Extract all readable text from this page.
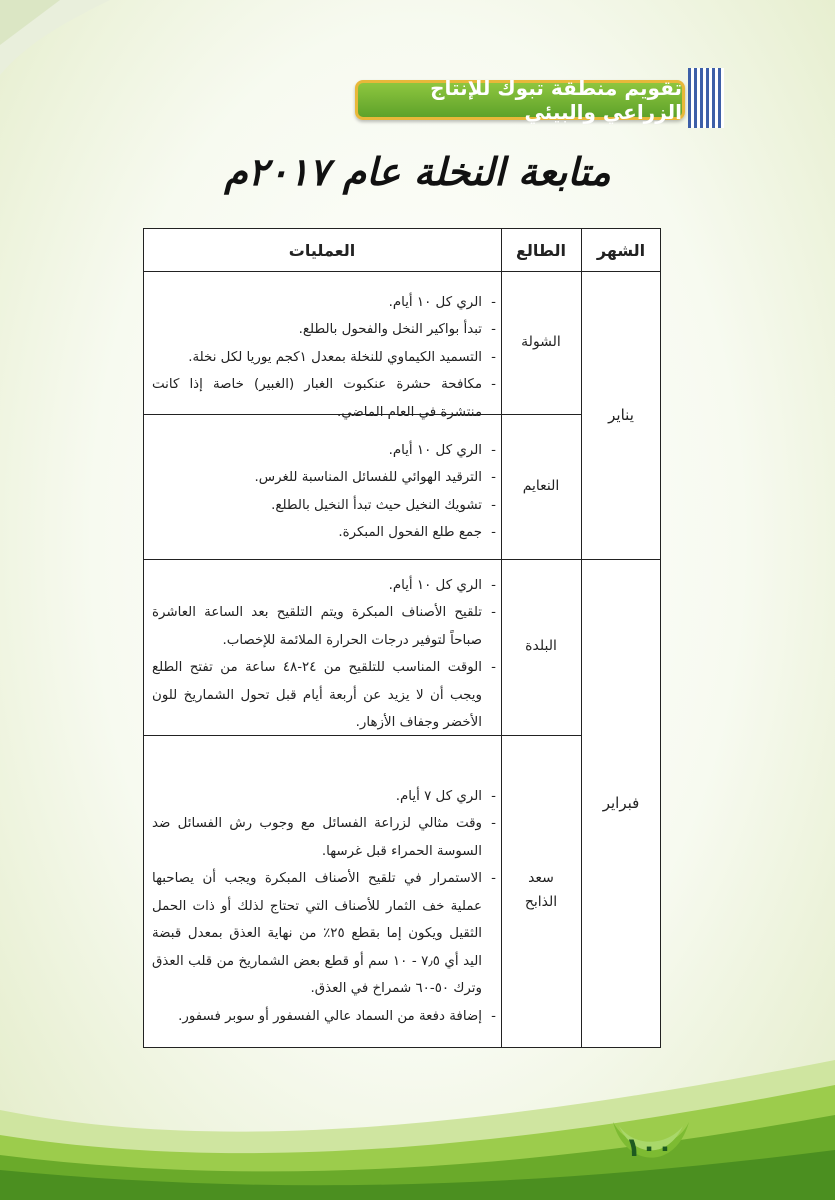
تقويم منطقة تبوك للإنتاج الزراعي والبيئي
متابعة النخلة عام ٢٠١٧م
الشهر
الطالع
العمليات
يناير
فبراير
الشولة
- الري كل ١٠ أيام.
- تبدأ بواكير النخل والفحول بالطلع.
- التسميد الكيماوي للنخلة بمعدل ١كجم يوريا لكل نخلة.
- مكافحة حشرة عنكبوت الغبار (الغبير) خاصة إذا كانت منتشرة في العام الماضي.
النعايم
- الري كل ١٠ أيام.
- الترقيد الهوائي للفسائل المناسبة للغرس.
- تشويك النخيل حيث تبدأ النخيل بالطلع.
- جمع طلع الفحول المبكرة.
البلدة
- الري كل ١٠ أيام.
- تلقيح الأصناف المبكرة ويتم التلقيح بعد الساعة العاشرة صباحاً لتوفير درجات الحرارة الملائمة للإخصاب.
- الوقت المناسب للتلقيح من ٢٤-٤٨ ساعة من تفتح الطلع ويجب أن لا يزيد عن أربعة أيام قبل تحول الشماريخ للون الأخضر وجفاف الأزهار.
سعد
الذابح
- الري كل ٧ أيام.
- وقت مثالي لزراعة الفسائل مع وجوب رش الفسائل ضد السوسة الحمراء قبل غرسها.
- الاستمرار في تلقيح الأصناف المبكرة ويجب أن يصاحبها عملية خف الثمار للأصناف التي تحتاج لذلك أو ذات الحمل الثقيل ويكون إما بقطع ٢٥٪ من نهاية العذق بمعدل قبضة اليد أي ٧٫٥ - ١٠ سم أو قطع بعض الشماريخ من قلب العذق وترك ٥٠-٦٠ شمراخ في العذق.
- إضافة دفعة من السماد عالي الفسفور أو سوبر فسفور.
١٠٠
